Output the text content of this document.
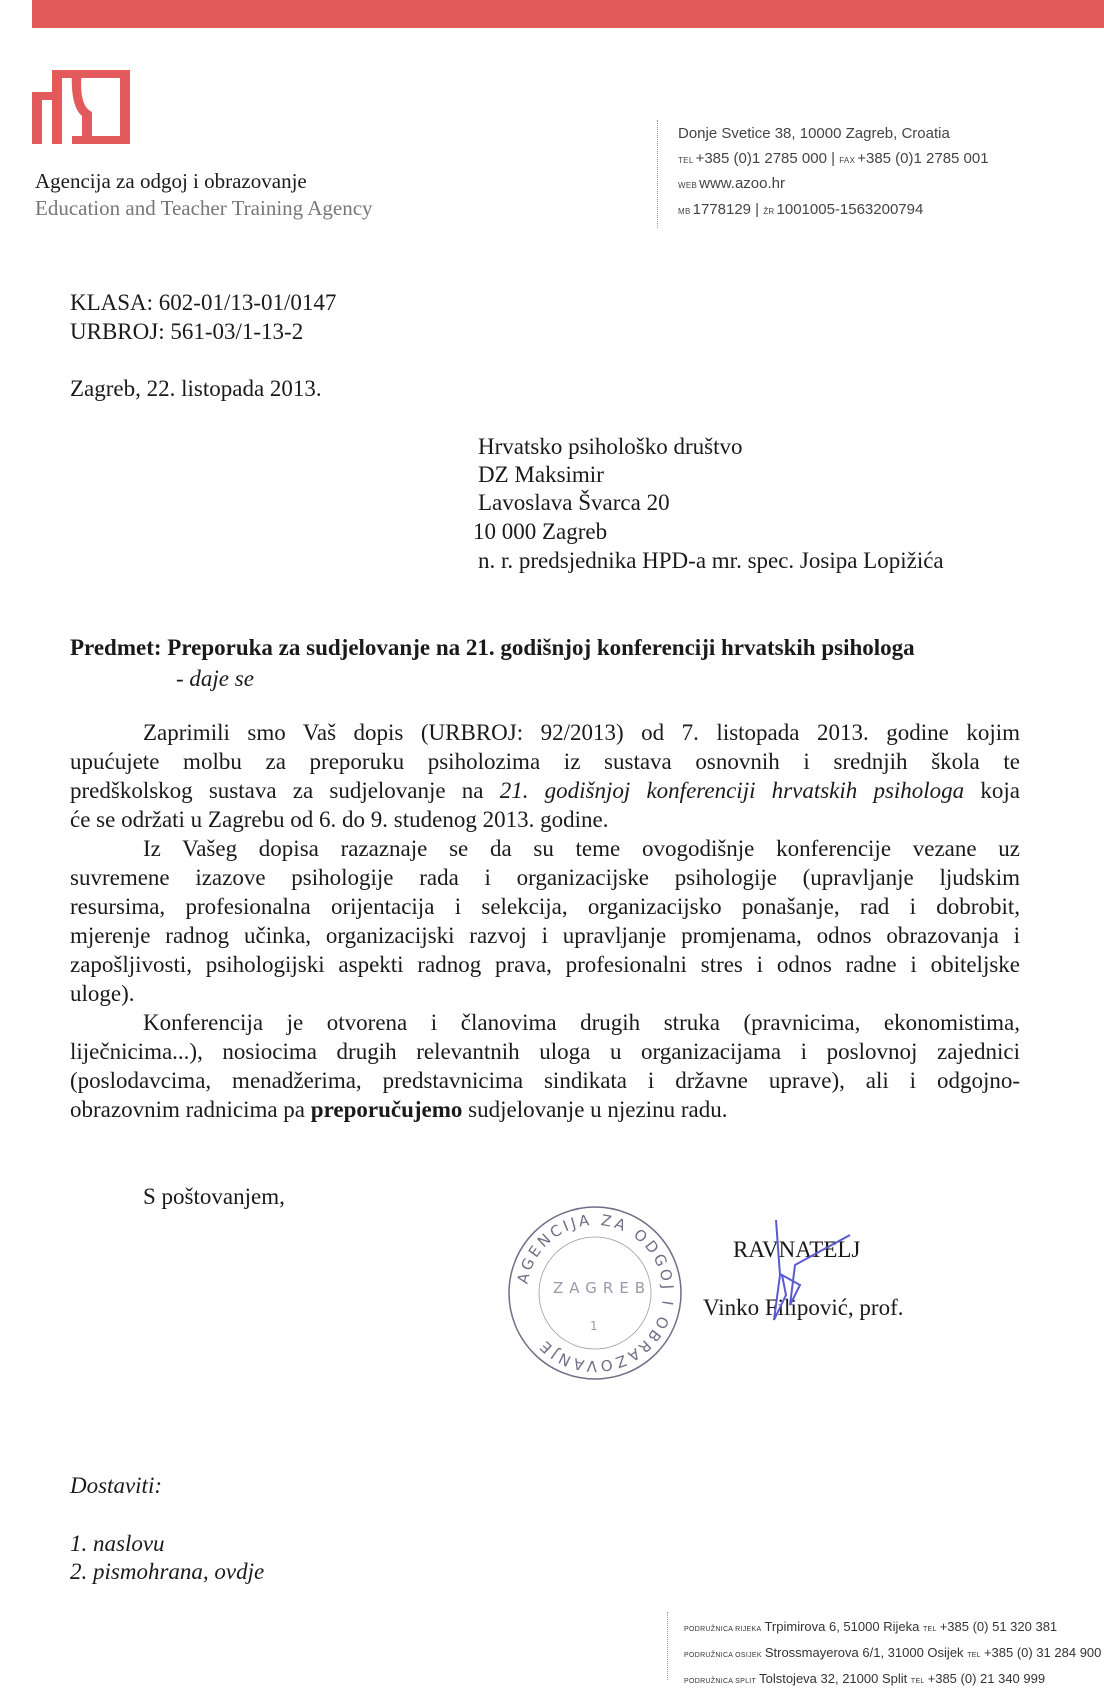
Agencija za odgoj i obrazovanje
Education and Teacher Training Agency
Donje Svetice 38, 10000 Zagreb, Croatia
TEL +385 (0)1 2785 000 | FAX +385 (0)1 2785 001
WEB www.azoo.hr
MB 1778129 | ŽR 1001005-1563200794
KLASA: 602-01/13-01/0147
URBROJ: 561-03/1-13-2
Zagreb, 22. listopada 2013.
Hrvatsko psihološko društvo
DZ Maksimir
Lavoslava Švarca 20
10 000 Zagreb
n. r. predsjednika HPD-a mr. spec. Josipa Lopižića
Predmet: Preporuka za sudjelovanje na 21. godišnjoj konferenciji hrvatskih psihologa
- daje se
Zaprimili smo Vaš dopis (URBROJ: 92/2013) od 7. listopada 2013. godine kojim
upućujete molbu za preporuku psiholozima iz sustava osnovnih i srednjih škola te
predškolskog sustava za sudjelovanje na 21. godišnjoj konferenciji hrvatskih psihologa koja
će se održati u Zagrebu od 6. do 9. studenog 2013. godine.
Iz Vašeg dopisa razaznaje se da su teme ovogodišnje konferencije vezane uz
suvremene izazove psihologije rada i organizacijske psihologije (upravljanje ljudskim
resursima, profesionalna orijentacija i selekcija, organizacijsko ponašanje, rad i dobrobit,
mjerenje radnog učinka, organizacijski razvoj i upravljanje promjenama, odnos obrazovanja i
zapošljivosti, psihologijski aspekti radnog prava, profesionalni stres i odnos radne i obiteljske
uloge).
Konferencija je otvorena i članovima drugih struka (pravnicima, ekonomistima,
liječnicima...), nosiocima drugih relevantnih uloga u organizacijama i poslovnoj zajednici
(poslodavcima, menadžerima, predstavnicima sindikata i državne uprave), ali i odgojno-
obrazovnim radnicima pa preporučujemo sudjelovanje u njezinu radu.
S poštovanjem,
AGENCIJA ZA ODGOJ I OBRAZOVANJE
ZAGREB
1
RAVNATELJ
Vinko Filipović, prof.
Dostaviti:
1. naslovu
2. pismohrana, ovdje
PODRUŽNICA RIJEKA Trpimirova 6, 51000 Rijeka TEL +385 (0) 51 320 381
PODRUŽNICA OSIJEK Strossmayerova 6/1, 31000 Osijek TEL +385 (0) 31 284 900
PODRUŽNICA SPLIT Tolstojeva 32, 21000 Split TEL +385 (0) 21 340 999
